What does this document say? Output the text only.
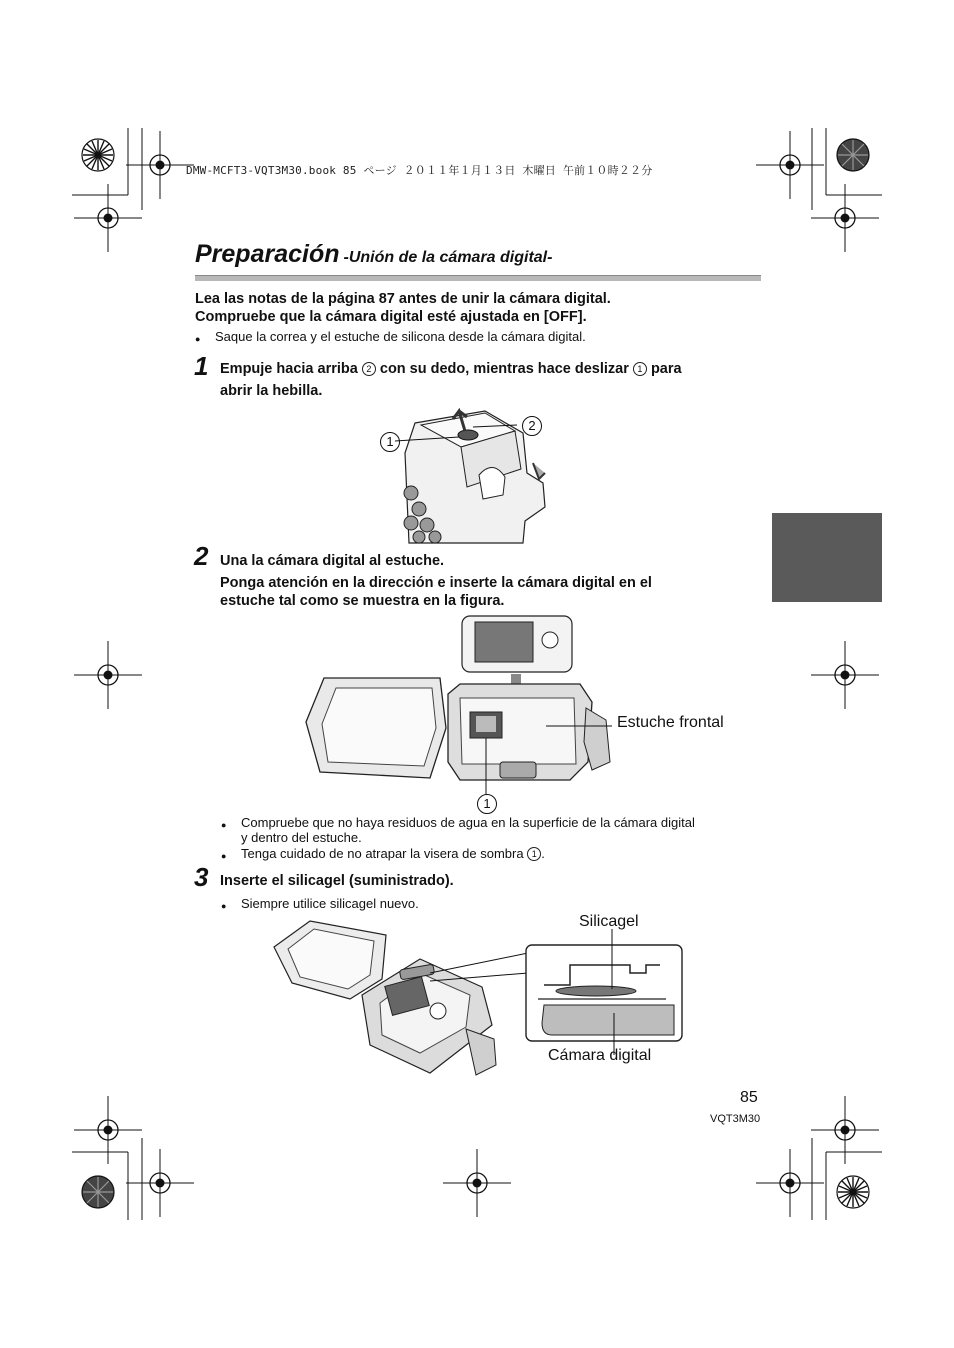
DMW-MCFT3-VQT3M30.book 85 ページ ２０１１年１月１３日 木曜日 午前１０時２２分
Preparación -Unión de la cámara digital-
Lea las notas de la página 87 antes de unir la cámara digital.
Compruebe que la cámara digital esté ajustada en [OFF].
● Saque la correa y el estuche de silicona desde la cámara digital.
1 Empuje hacia arriba 2 con su dedo, mientras hace deslizar 1 para
abrir la hebilla.
1
2
2 Una la cámara digital al estuche.
Ponga atención en la dirección e inserte la cámara digital en el
estuche tal como se muestra en la figura.
Estuche frontal
1
● Compruebe que no haya residuos de agua en la superficie de la cámara digital
y dentro del estuche.
● Tenga cuidado de no atrapar la visera de sombra 1 .
3 Inserte el silicagel (suministrado).
● Siempre utilice silicagel nuevo.
Silicagel
Cámara digital
85
VQT3M30
